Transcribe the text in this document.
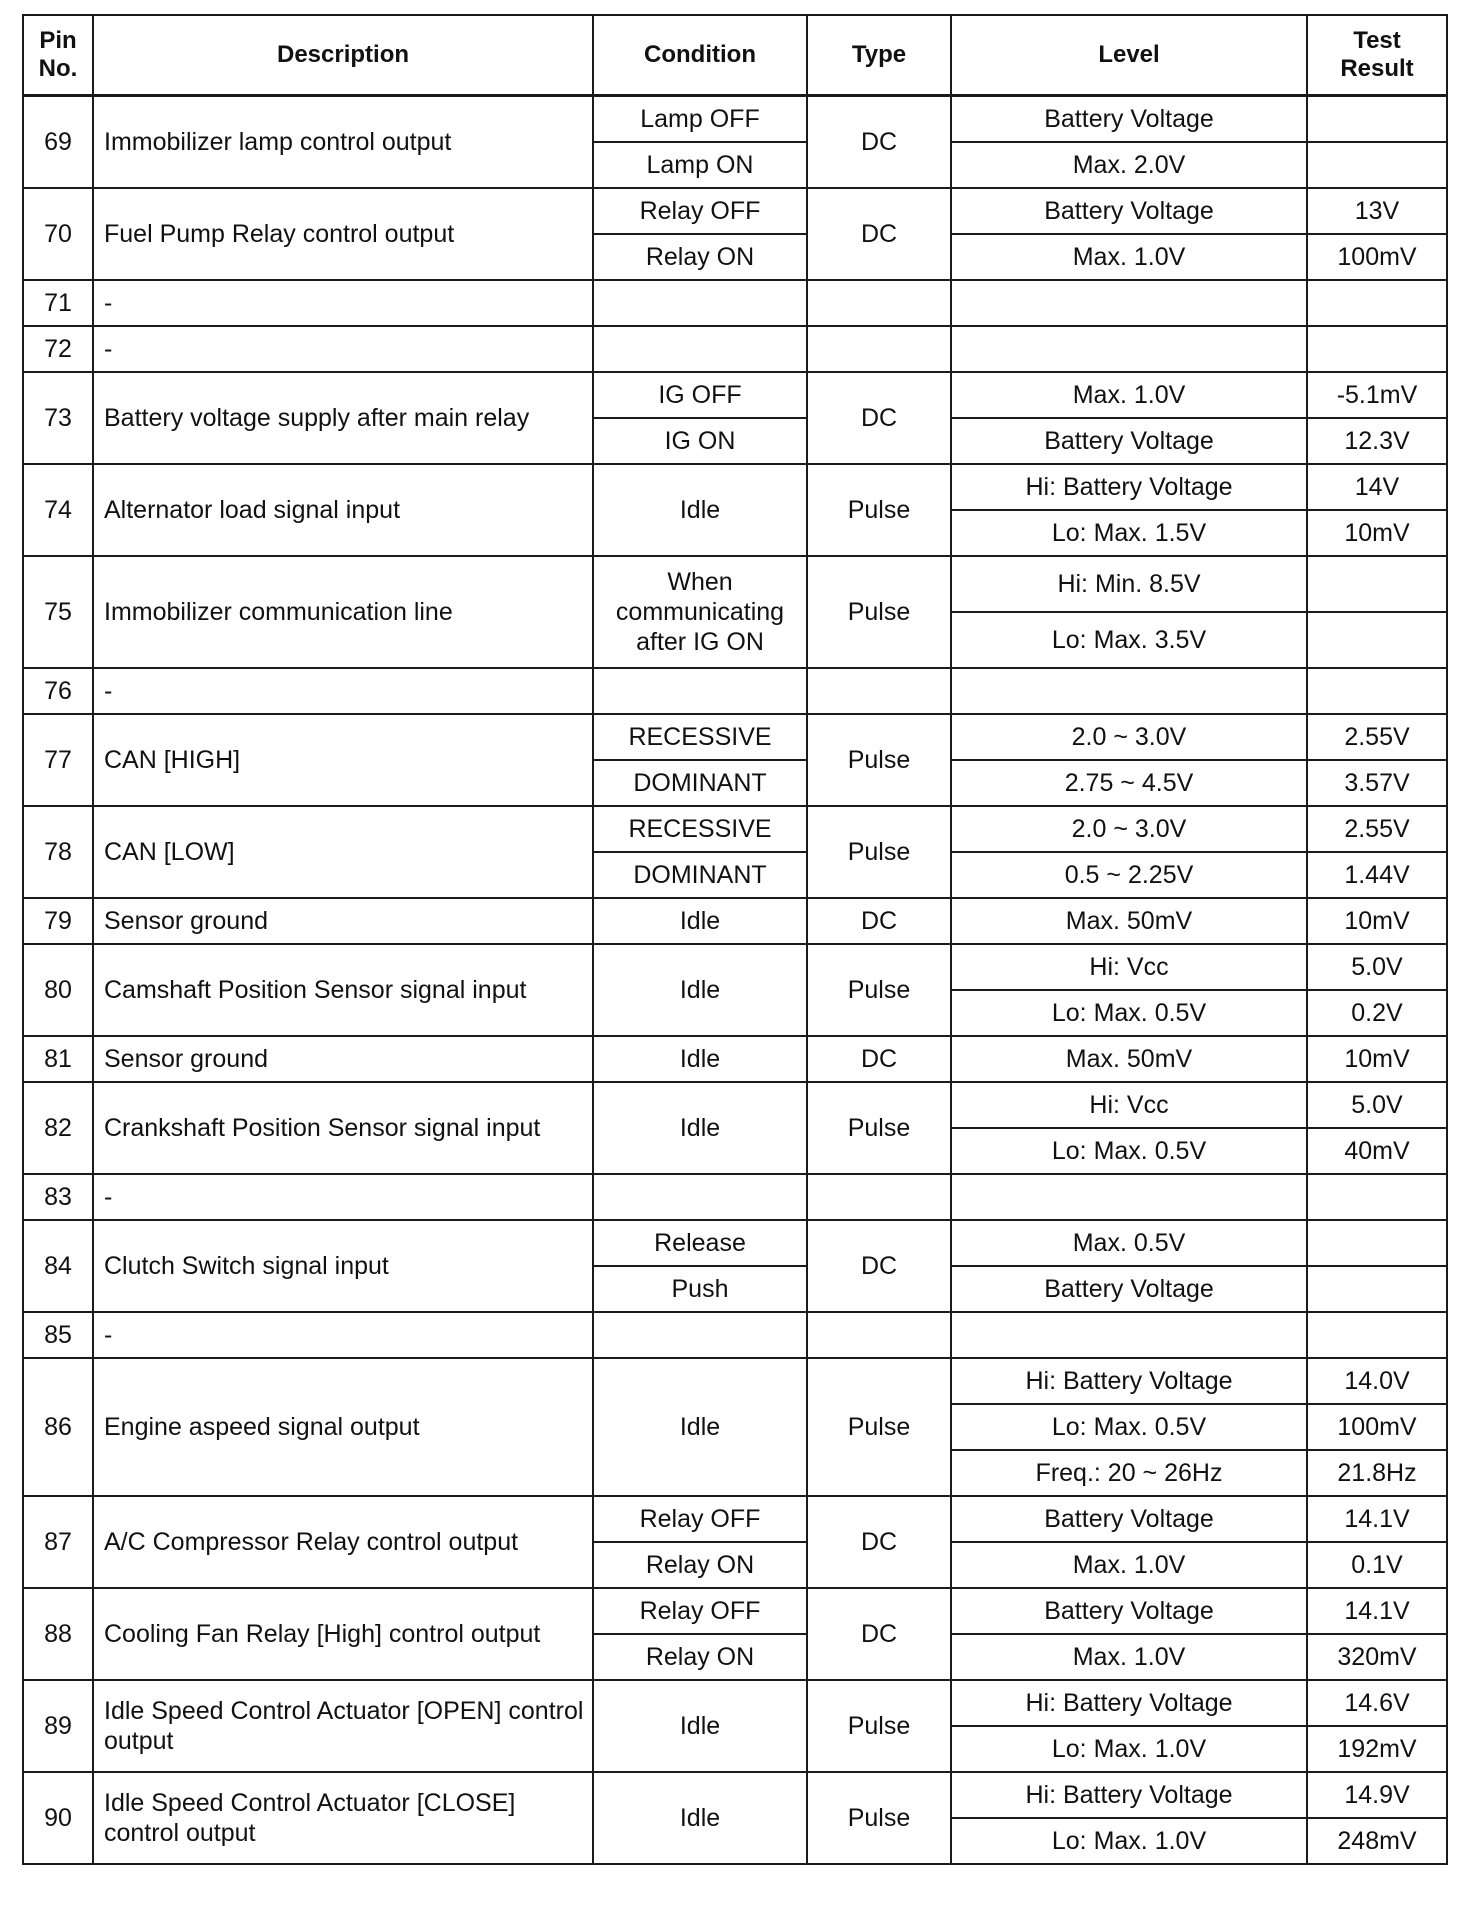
Pin No.	Description	Condition	Type	Level	Test Result
69	Immobilizer lamp control output	Lamp OFF	DC	Battery Voltage	
		Lamp ON		Max. 2.0V	
70	Fuel Pump Relay control output	Relay OFF	DC	Battery Voltage	13V
		Relay ON		Max. 1.0V	100mV
71	-				
72	-				
73	Battery voltage supply after main relay	IG OFF	DC	Max. 1.0V	-5.1mV
		IG ON		Battery Voltage	12.3V
74	Alternator load signal input	Idle	Pulse	Hi: Battery Voltage	14V
				Lo: Max. 1.5V	10mV
75	Immobilizer communication line	When communicating after IG ON	Pulse	Hi: Min. 8.5V	
				Lo: Max. 3.5V	
76	-				
77	CAN [HIGH]	RECESSIVE	Pulse	2.0 ~ 3.0V	2.55V
		DOMINANT		2.75 ~ 4.5V	3.57V
78	CAN [LOW]	RECESSIVE	Pulse	2.0 ~ 3.0V	2.55V
		DOMINANT		0.5 ~ 2.25V	1.44V
79	Sensor ground	Idle	DC	Max. 50mV	10mV
80	Camshaft Position Sensor signal input	Idle	Pulse	Hi: Vcc	5.0V
				Lo: Max. 0.5V	0.2V
81	Sensor ground	Idle	DC	Max. 50mV	10mV
82	Crankshaft Position Sensor signal input	Idle	Pulse	Hi: Vcc	5.0V
				Lo: Max. 0.5V	40mV
83	-				
84	Clutch Switch signal input	Release	DC	Max. 0.5V	
		Push		Battery Voltage	
85	-				
86	Engine aspeed signal output	Idle	Pulse	Hi: Battery Voltage	14.0V
				Lo: Max. 0.5V	100mV
				Freq.: 20 ~ 26Hz	21.8Hz
87	A/C Compressor Relay control output	Relay OFF	DC	Battery Voltage	14.1V
		Relay ON		Max. 1.0V	0.1V
88	Cooling Fan Relay [High] control output	Relay OFF	DC	Battery Voltage	14.1V
		Relay ON		Max. 1.0V	320mV
89	Idle Speed Control Actuator [OPEN] control output	Idle	Pulse	Hi: Battery Voltage	14.6V
				Lo: Max. 1.0V	192mV
90	Idle Speed Control Actuator [CLOSE] control output	Idle	Pulse	Hi: Battery Voltage	14.9V
				Lo: Max. 1.0V	248mV
